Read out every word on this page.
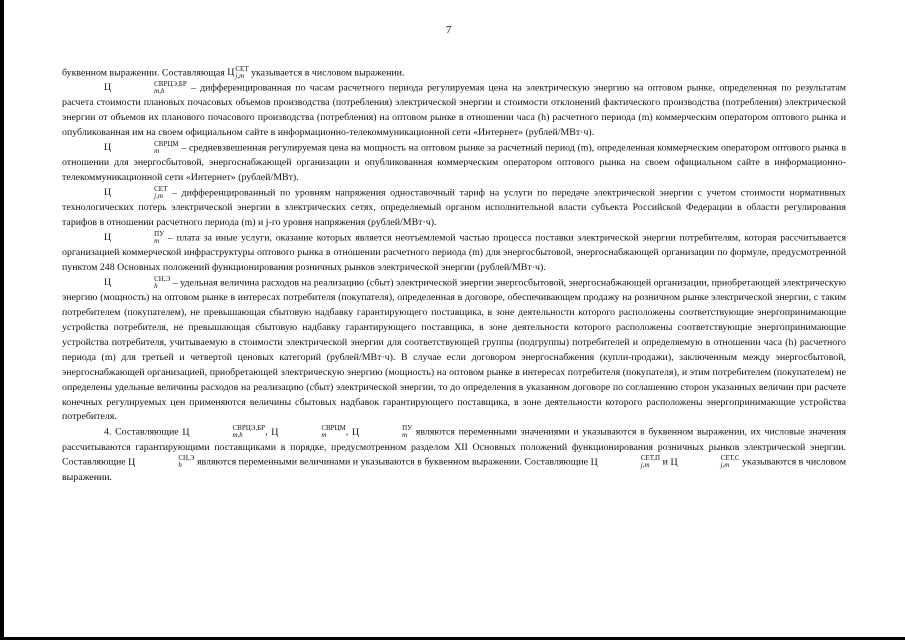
7

буквенном выражении. Составляющая Ц СЕТ
j,m указывается в числовом выражении.

Ц	СВРЦЭ,БР
m,h	– дифференцированная по часам расчетного периода регулируемая цена на электрическую энергию на оптовом рынке, определенная по результатам расчета стоимости плановых почасовых объемов производства (потребления) электрической энергии и стоимости отклонений фактического производства (потребления) электрической энергии от объемов их планового почасового производства (потребления) на оптовом рынке в отношении часа (h) расчетного периода (m) коммерческим оператором оптового рынка и опубликованная им на своем официальном сайте в информационно-телекоммуникационной сети «Интернет» (рублей/МВт·ч).

Ц	СВРЦМ
m	– средневзвешенная регулируемая цена на мощность на оптовом рынке за расчетный период (m), определенная коммерческим оператором оптового рынка в отношении для энергосбытовой, энергоснабжающей организации и опубликованная коммерческим оператором оптового рынка на своем официальном сайте в информационно-телекоммуникационной сети «Интернет» (рублей/МВт).

Ц	СЕТ
j,m – дифференцированный по уровням напряжения одноставочный тариф на услуги по передаче электрической энергии с учетом стоимости нормативных технологических потерь электрической энергии в электрических сетях, определяемый органом исполнительной власти субъекта Российской Федерации в области регулирования тарифов в отношении расчетного периода (m) и j-го уровня напряжения (рублей/МВт·ч).

Ц	ПУ
m – плата за иные услуги, оказание которых является неотъемлемой частью процесса поставки электрической энергии потребителям, которая рассчитывается организацией коммерческой инфраструктуры оптового рынка в отношении расчетного периода (m) для энергосбытовой, энергоснабжающей организации по формуле, предусмотренной пунктом 248 Основных положений функционирования розничных рынков электрической энергии (рублей/МВт·ч).

Ц	СН,Э
h	– удельная величина расходов на реализацию (сбыт) электрической энергии энергосбытовой, энергоснабжающей организации, приобретающей электрическую энергию (мощность) на оптовом рынке в интересах потребителя (покупателя), определенная в договоре, обеспечивающем продажу на розничном рынке электрической энергии, с таким потребителем (покупателем), не превышающая сбытовую надбавку гарантирующего поставщика, в зоне деятельности которого расположены соответствующие энергопринимающие устройства потребителя, не превышающая сбытовую надбавку гарантирующего поставщика, в зоне деятельности которого расположены соответствующие энергопринимающие устройства потребителя, учитываемую в стоимости электрической энергии для соответствующей группы (подгруппы) потребителей и определяемую в отношении часа (h) расчетного периода (m) для третьей и четвертой ценовых категорий (рублей/МВт·ч). В случае если договором энергоснабжения (купли-продажи), заключенным между энергосбытовой, энергоснабжающей организацией, приобретающей электрическую энергию (мощность) на оптовом рынке в интересах потребителя (покупателя), и этим потребителем (покупателем) не определены удельные величины расходов на реализацию (сбыт) электрической энергии, то до определения в указанном договоре по соглашению сторон указанных величин при расчете конечных регулируемых цен применяются величины сбытовых надбавок гарантирующего поставщика, в зоне деятельности которого расположены энергопринимающие устройства потребителя.

4. Составляющие Ц	СВРЦЭ,БР
m,h	, Ц	СВРЦМ
m	, Ц	ПУ
m являются переменными значениями и указываются в буквенном выражении, их числовые значения рассчитываются гарантирующими поставщиками в порядке, предусмотренном разделом XII Основных положений функционирования розничных рынков электрической энергии. Составляющие Ц	СН,Э
h	являются переменными величинами и указываются в буквенном выражении. Составляющие Ц	СЕТ,П
j,m	и Ц	СЕТ,С
j,m	указываются в числовом выражении.
